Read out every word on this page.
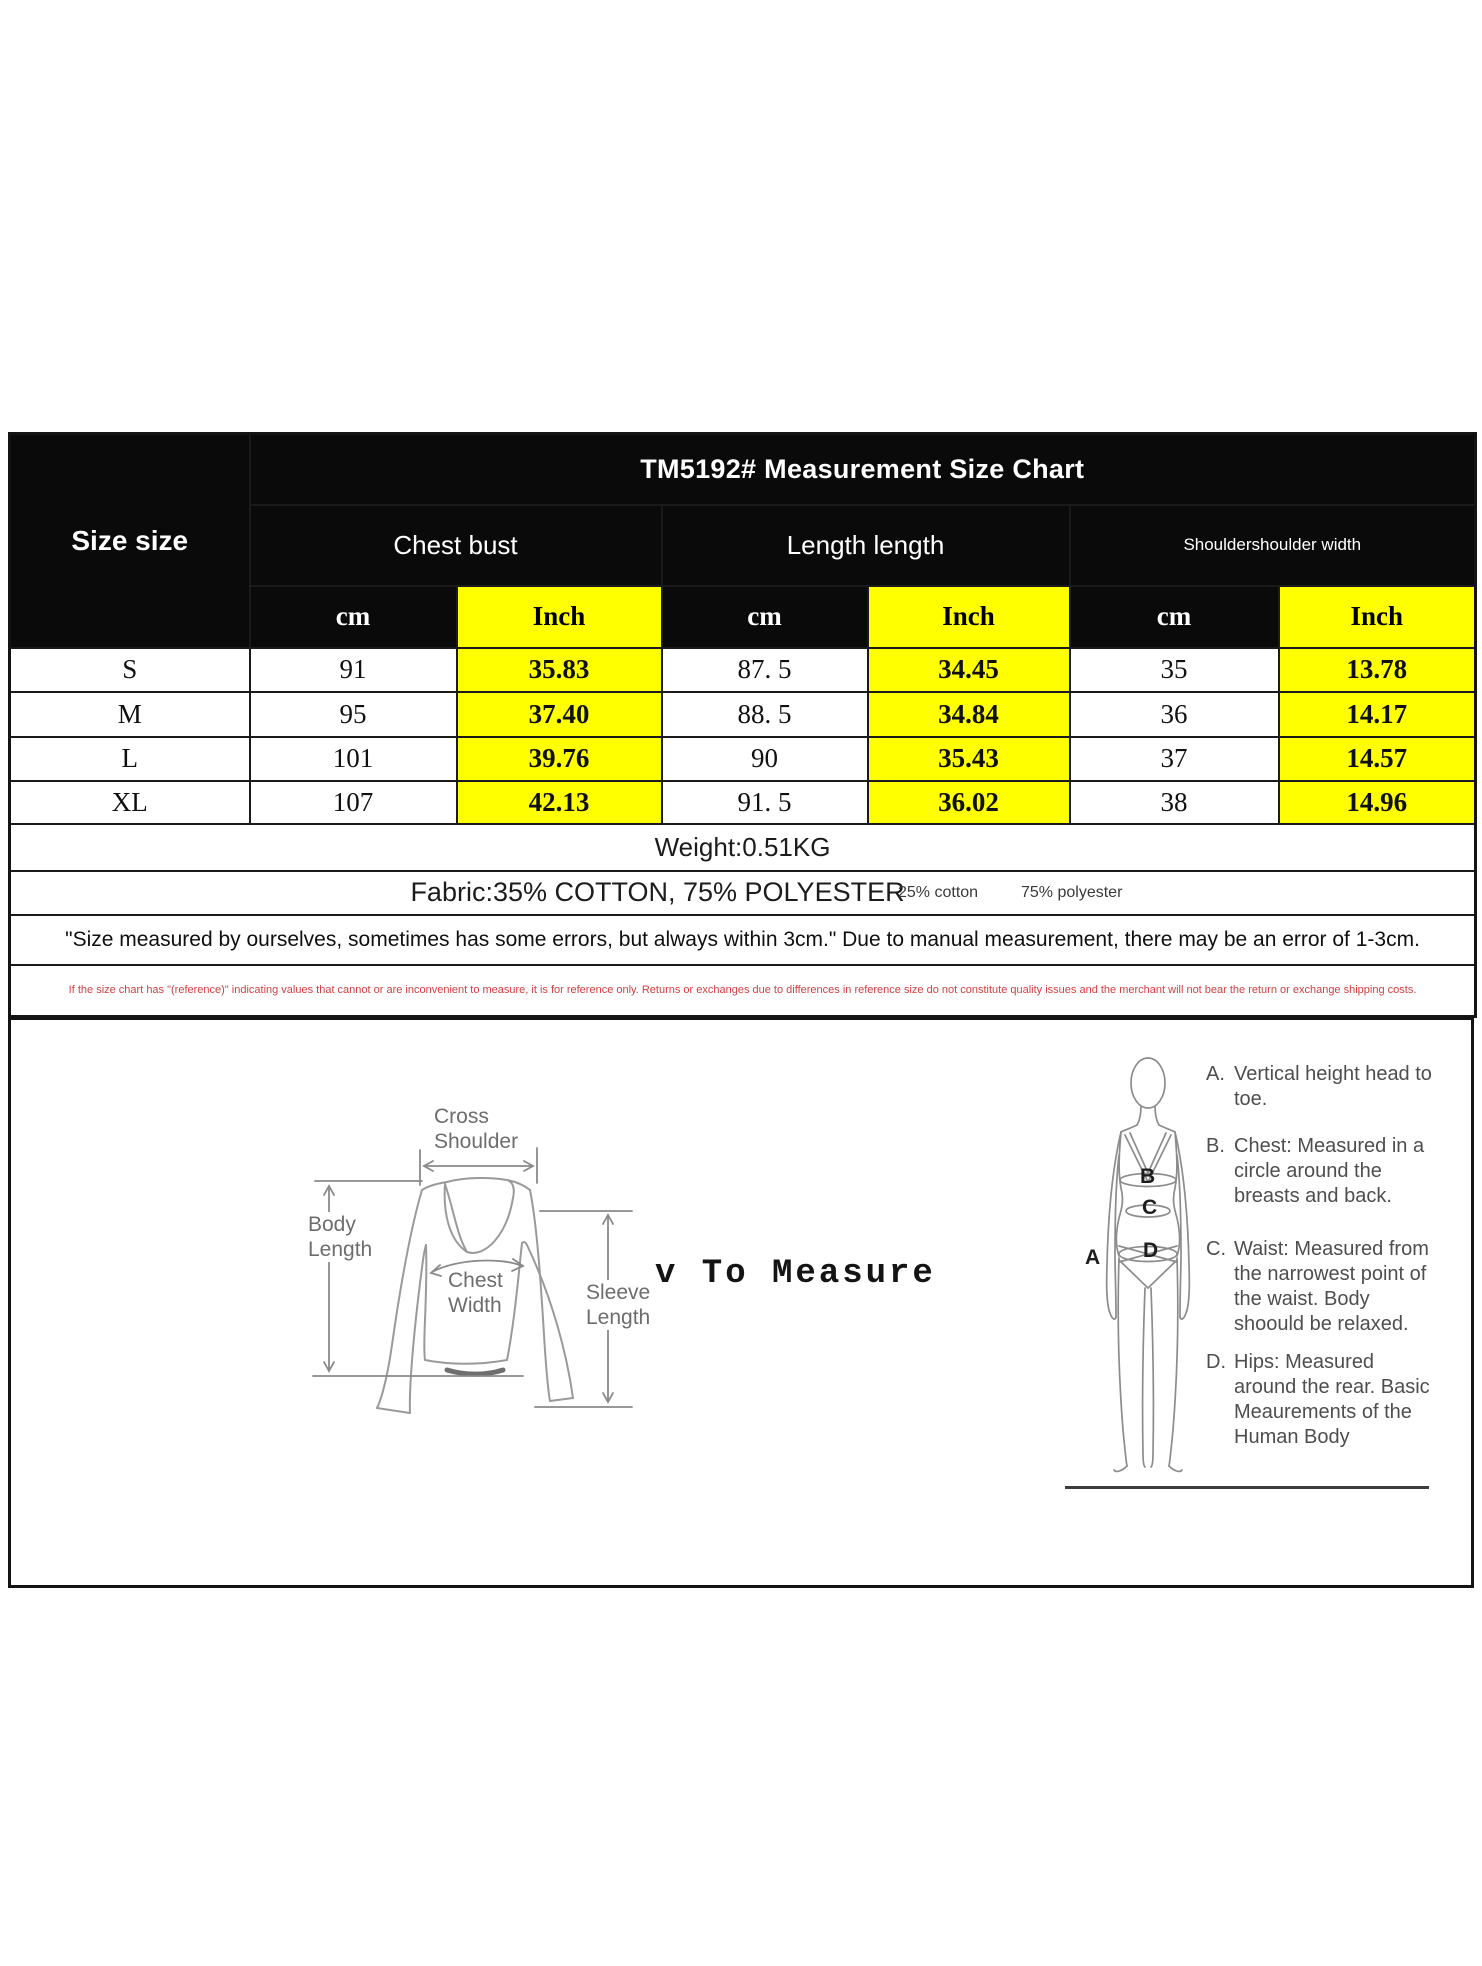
Size size	TM5192# Measurement Size Chart					
	Chest bust		Length length		Shouldershoulder width	
	cm	Inch	cm	Inch	cm	Inch
S	91	35.83	87. 5	34.45	35	13.78
M	95	37.40	88. 5	34.84	36	14.17
L	101	39.76	90	35.43	37	14.57
XL	107	42.13	91. 5	36.02	38	14.96
Weight:0.51KG						

Fabric:35% COTTON, 75% POLYESTER
25% cotton 75% polyester						

"Size measured by ourselves, sometimes has some errors, but always within 3cm." Due to manual measurement, there may be an error of 1-3cm.						
If the size chart has "(reference)" indicating values that cannot or are inconvenient to measure, it is for reference only. Returns or exchanges due to differences in reference size do not constitute quality issues and the merchant will not bear the return or exchange shipping costs.						
Cross
Shoulder
Body
Length
Chest
Width
Sleeve
Length
v To Measure	A
B
C
D
A. Vertical height head to toe.
B. Chest: Measured in a circle around the breasts and back.
C. Waist: Measured from the narrowest point of the waist. Body shoould be relaxed.
D. Hips: Measured around the rear. Basic Meaurements of the Human Body
